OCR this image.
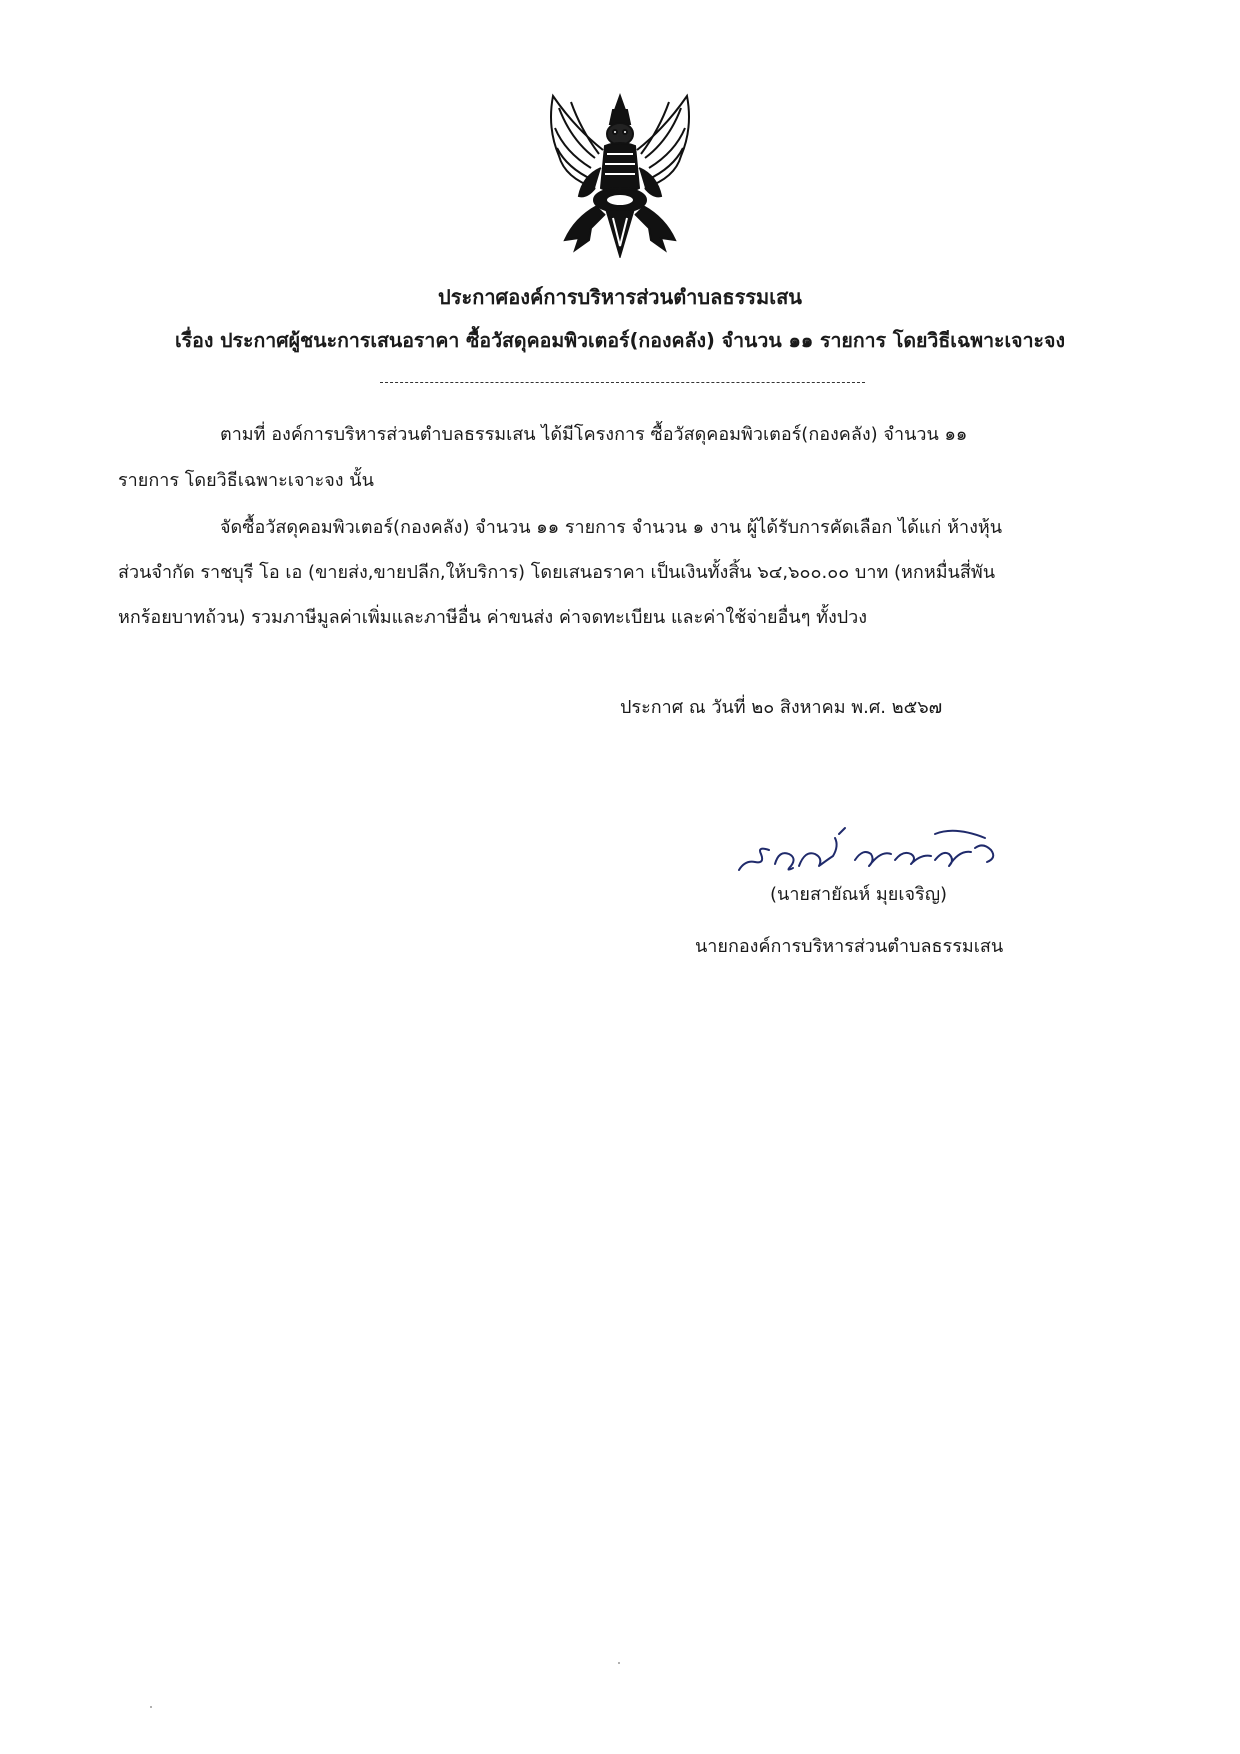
ประกาศองค์การบริหารส่วนตำบลธรรมเสน
เรื่อง ประกาศผู้ชนะการเสนอราคา ซื้อวัสดุคอมพิวเตอร์(กองคลัง) จำนวน ๑๑ รายการ โดยวิธีเฉพาะเจาะจง
ตามที่ องค์การบริหารส่วนตำบลธรรมเสน ได้มีโครงการ ซื้อวัสดุคอมพิวเตอร์(กองคลัง) จำนวน ๑๑
รายการ โดยวิธีเฉพาะเจาะจง นั้น
จัดซื้อวัสดุคอมพิวเตอร์(กองคลัง) จำนวน ๑๑ รายการ จำนวน ๑ งาน ผู้ได้รับการคัดเลือก ได้แก่ ห้างหุ้น
ส่วนจำกัด ราชบุรี โอ เอ (ขายส่ง,ขายปลีก,ให้บริการ) โดยเสนอราคา เป็นเงินทั้งสิ้น ๖๔,๖๐๐.๐๐ บาท (หกหมื่นสี่พัน
หกร้อยบาทถ้วน) รวมภาษีมูลค่าเพิ่มและภาษีอื่น ค่าขนส่ง ค่าจดทะเบียน และค่าใช้จ่ายอื่นๆ ทั้งปวง
ประกาศ ณ วันที่ ๒๐ สิงหาคม พ.ศ. ๒๕๖๗
(นายสายัณห์ มุยเจริญ)
นายกองค์การบริหารส่วนตำบลธรรมเสน
